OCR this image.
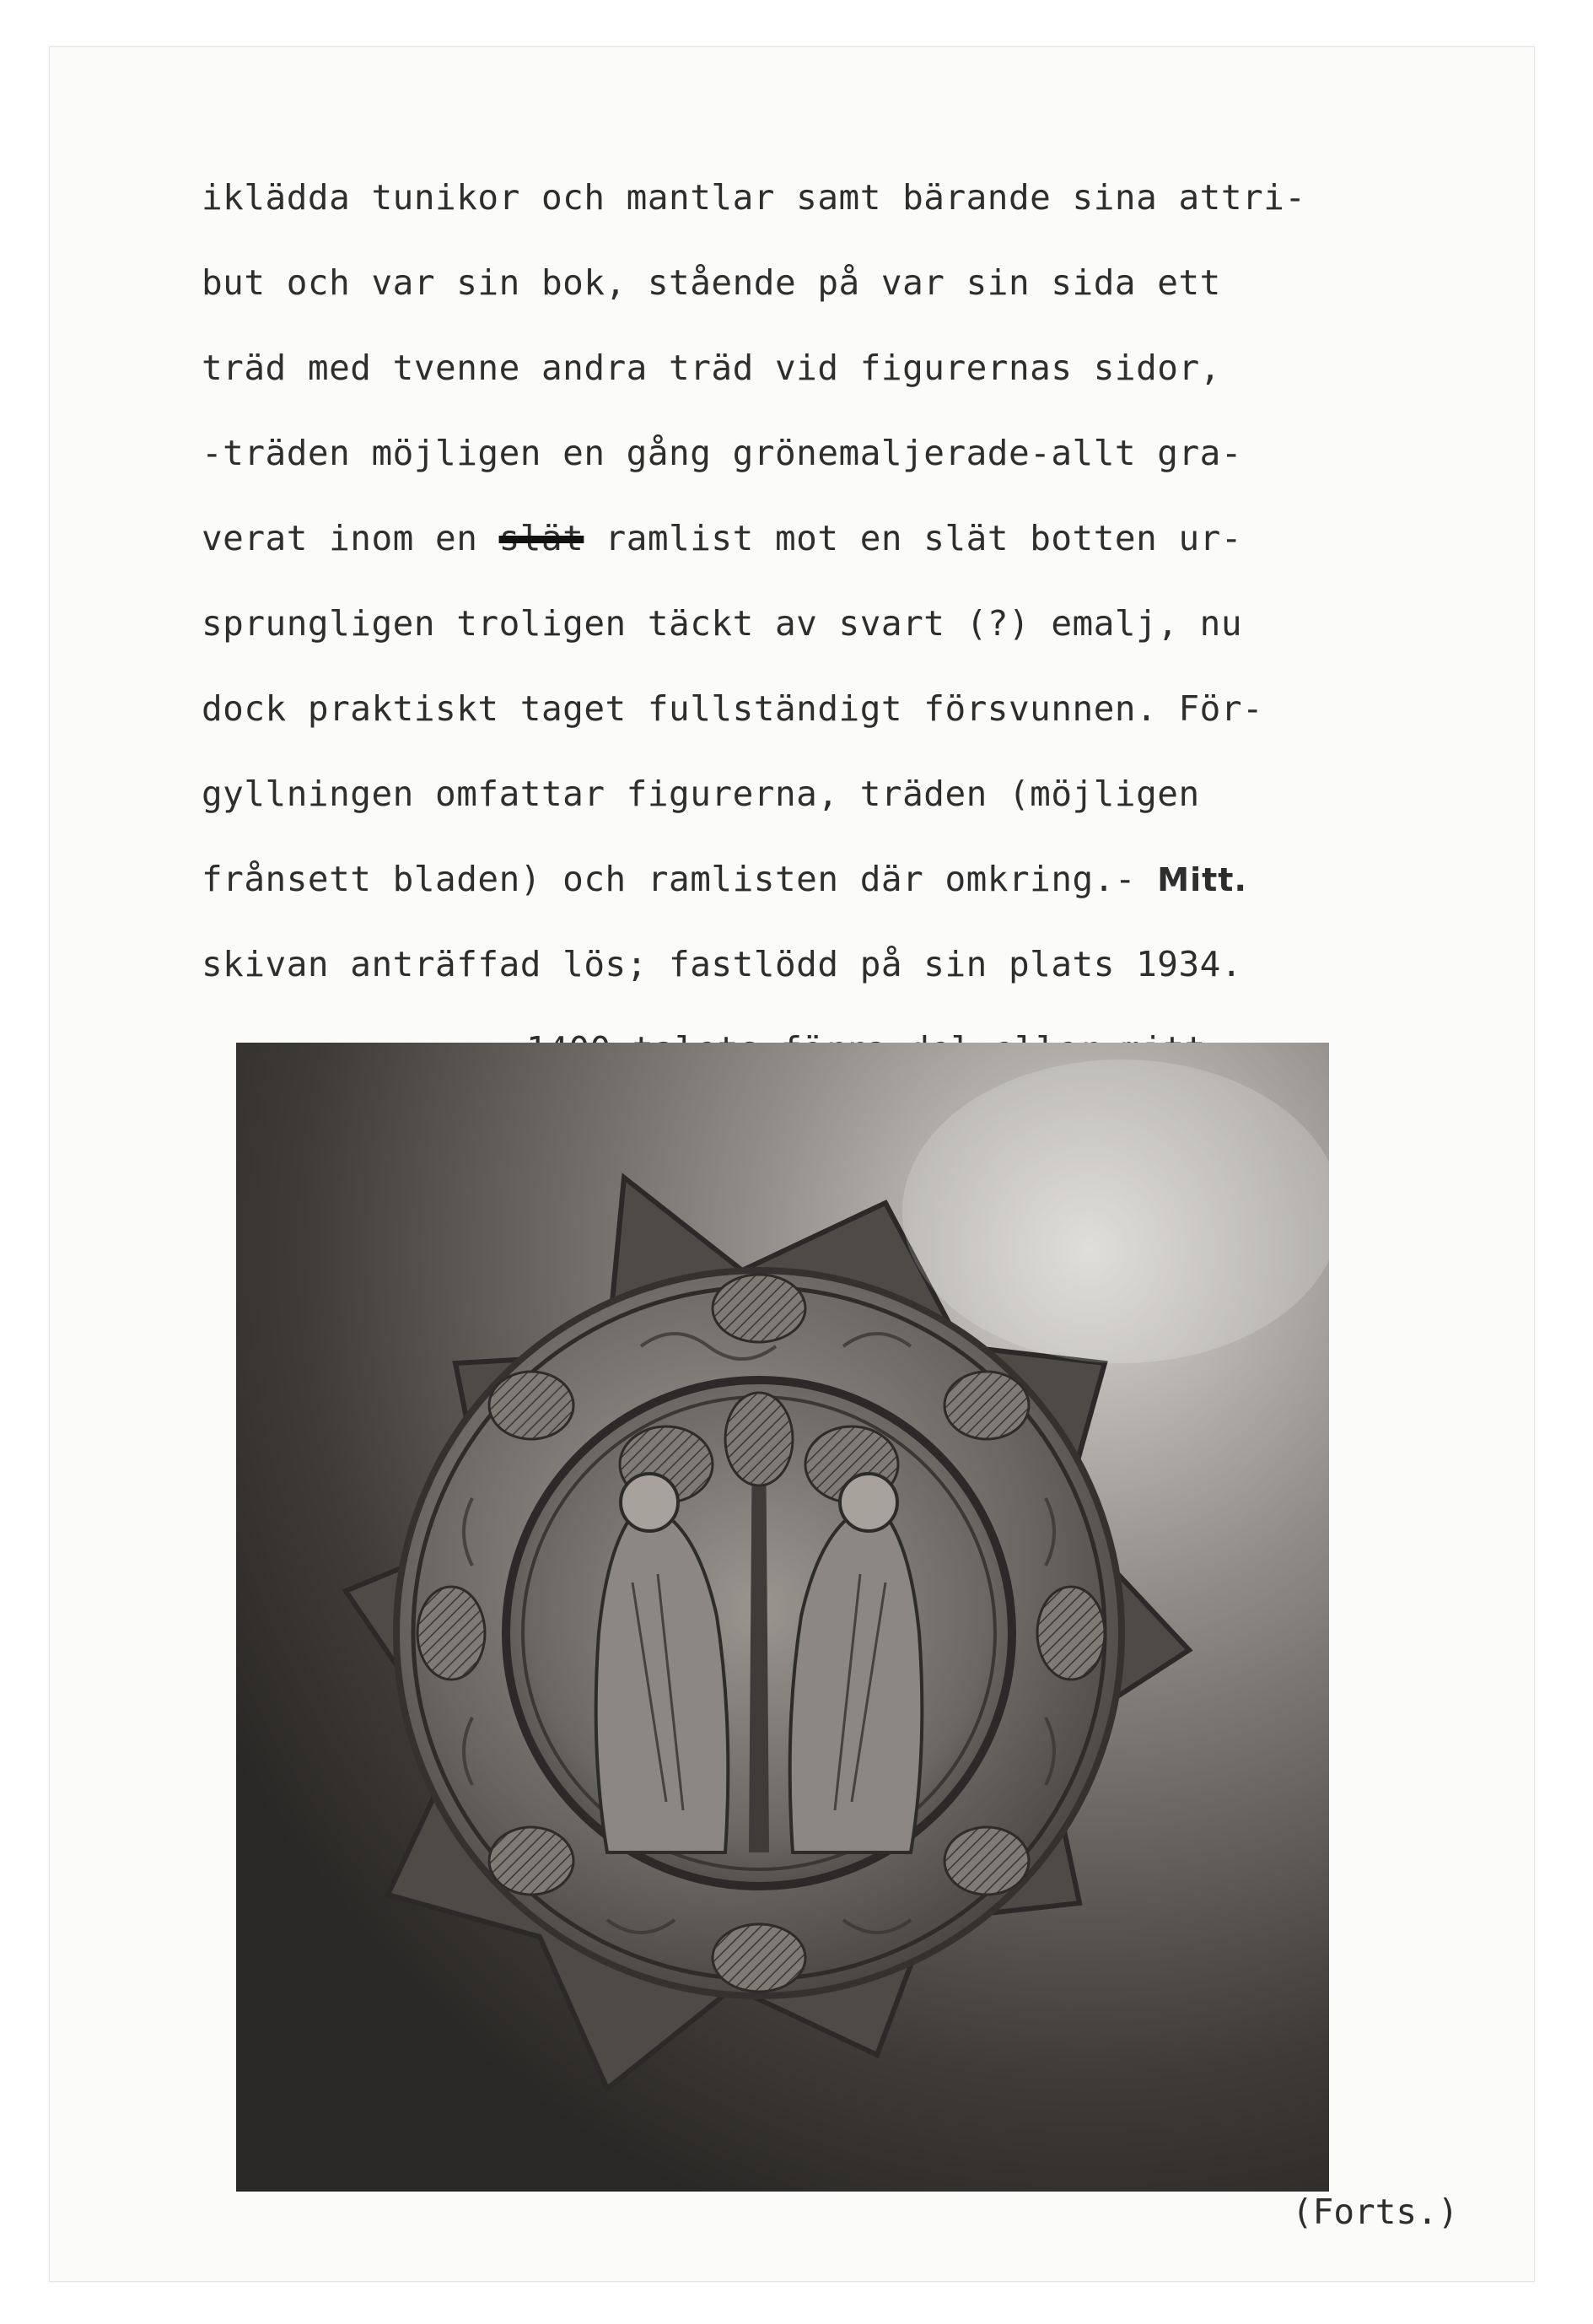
iklädda tunikor och mantlar samt bärande sina attri-
but och var sin bok, stående på var sin sida ett
träd med tvenne andra träd vid figurernas sidor,
-träden möjligen en gång grönemaljerade-allt gra-
verat inom en slät ramlist mot en slät botten ur-
sprungligen troligen täckt av svart (?) emalj, nu
dock praktiskt taget fullständigt försvunnen. För-
gyllningen omfattar figurerna, träden (möjligen
frånsett bladen) och ramlisten där omkring.- Mitt.
skivan anträffad lös; fastlödd på sin plats 1934.
(Forts.)
